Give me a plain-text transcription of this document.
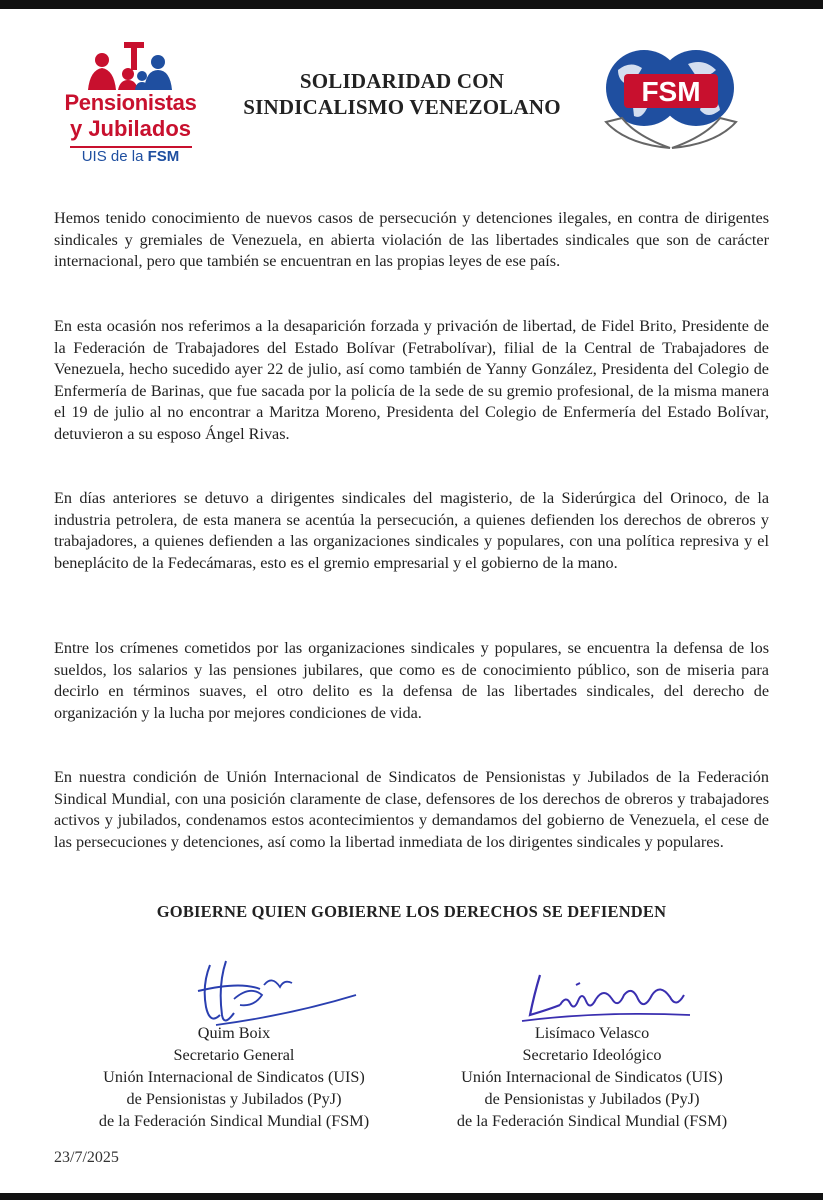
Pensionistas
y Jubilados
UIS de la FSM
SOLIDARIDAD CON
SINDICALISMO VENEZOLANO	FSM

Hemos tenido conocimiento de nuevos casos de persecución y detenciones ilegales, en contra de dirigentes sindicales y gremiales de Venezuela, en abierta violación de las libertades sindicales que son de carácter internacional, pero que también se encuentran en las propias leyes de ese país.

En esta ocasión nos referimos a la desaparición forzada y privación de libertad, de Fidel Brito, Presidente de la Federación de Trabajadores del Estado Bolívar (Fetrabolívar), filial de la Central de Trabajadores de Venezuela, hecho sucedido ayer 22 de julio, así como también de Yanny González, Presidenta del Colegio de Enfermería de Barinas, que fue sacada por la policía de la sede de su gremio profesional, de la misma manera el 19 de julio al no encontrar a Maritza Moreno, Presidenta del Colegio de Enfermería del Estado Bolívar, detuvieron a su esposo Ángel Rivas.

En días anteriores se detuvo a dirigentes sindicales del magisterio, de la Siderúrgica del Orinoco, de la industria petrolera, de esta manera se acentúa la persecución, a quienes defienden los derechos de obreros y trabajadores, a quienes defienden a las organizaciones sindicales y populares, con una política represiva y el beneplácito de la Fedecámaras, esto es el gremio empresarial y el gobierno de la mano.

Entre los crímenes cometidos por las organizaciones sindicales y populares, se encuentra la defensa de los sueldos, los salarios y las pensiones jubilares, que como es de conocimiento público, son de miseria para decirlo en términos suaves, el otro delito es la defensa de las libertades sindicales, del derecho de organización y la lucha por mejores condiciones de vida.

En nuestra condición de Unión Internacional de Sindicatos de Pensionistas y Jubilados de la Federación Sindical Mundial, con una posición claramente de clase, defensores de los derechos de obreros y trabajadores activos y jubilados, condenamos estos acontecimientos y demandamos del gobierno de Venezuela, el cese de las persecuciones y detenciones, así como la libertad inmediata de los dirigentes sindicales y populares.

GOBIERNE QUIEN GOBIERNE LOS DERECHOS SE DEFIENDEN
Quim Boix
Secretario General
Unión Internacional de Sindicatos (UIS)
de Pensionistas y Jubilados (PyJ)
de la Federación Sindical Mundial (FSM)
Lisímaco Velasco
Secretario Ideológico
Unión Internacional de Sindicatos (UIS)
de Pensionistas y Jubilados (PyJ)
de la Federación Sindical Mundial (FSM)
23/7/2025
